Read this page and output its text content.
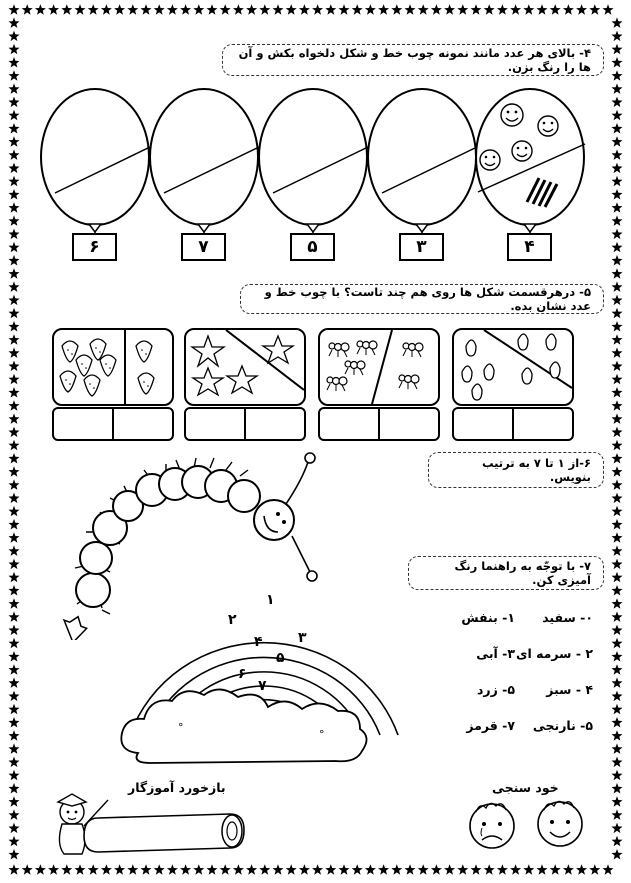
۴- بالای هر عدد مانند نمونه چوب خط و شکل دلخواه بکش و آن ها را رنگ بزن.
۶	۷	۵	۳	۴
۵- درهرقسمت شکل ها روی هم چند تاست؟ با چوب خط و عدد نشان بده.
۶-از ۱ تا ۷ به ترتیب بنویس.
۷- با توجّه به راهنما رنگ آمیزی کن.
۱
۲
۳
۴
۵
۶
۷
°
°
۰- سفید
۱- بنفش
۲ - سرمه ای
۳- آبی
۴ - سبز
۵- زرد
۵- نارنجی
۷- قرمز
خود سنجی
بازخورد آموزگار
